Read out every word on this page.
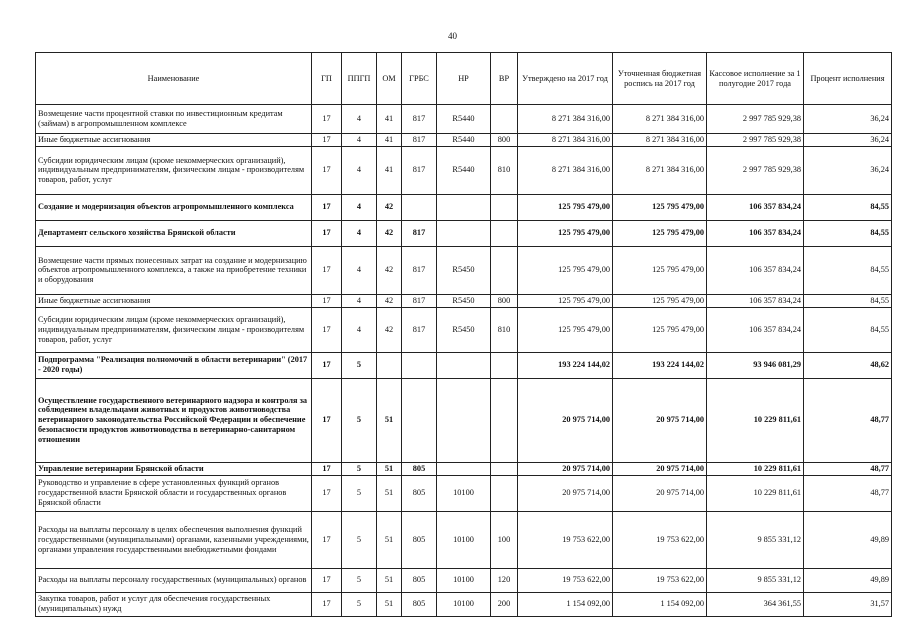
40
Наименование	ГП	ППГП	ОМ	ГРБС	НР	ВР	Утверждено на 2017 год	Уточненная бюджетная роспись на 2017 год	Кассовое исполнение за 1 полугодие 2017 года	Процент исполнения
Возмещение части процентной ставки по инвестиционным кредитам (займам) в агропромышленном комплексе	17	4	41	817	R5440		8 271 384 316,00	8 271 384 316,00	2 997 785 929,38	36,24
Иные бюджетные ассигнования	17	4	41	817	R5440	800	8 271 384 316,00	8 271 384 316,00	2 997 785 929,38	36,24
Субсидии юридическим лицам (кроме некоммерческих организаций), индивидуальным предпринимателям, физическим лицам - производителям товаров, работ, услуг	17	4	41	817	R5440	810	8 271 384 316,00	8 271 384 316,00	2 997 785 929,38	36,24
Создание и модернизация объектов агропромышленного комплекса	17	4	42				125 795 479,00	125 795 479,00	106 357 834,24	84,55
Департамент сельского хозяйства Брянской области	17	4	42	817			125 795 479,00	125 795 479,00	106 357 834,24	84,55
Возмещение части прямых понесенных затрат на создание и модернизацию объектов агропромышленного комплекса, а также на приобретение техники и оборудования	17	4	42	817	R5450		125 795 479,00	125 795 479,00	106 357 834,24	84,55
Иные бюджетные ассигнования	17	4	42	817	R5450	800	125 795 479,00	125 795 479,00	106 357 834,24	84,55
Субсидии юридическим лицам (кроме некоммерческих организаций), индивидуальным предпринимателям, физическим лицам - производителям товаров, работ, услуг	17	4	42	817	R5450	810	125 795 479,00	125 795 479,00	106 357 834,24	84,55
Подпрограмма "Реализация полномочий в области ветеринарии" (2017 - 2020 годы)	17	5					193 224 144,02	193 224 144,02	93 946 081,29	48,62
Осуществление государственного ветеринарного надзора и контроля за соблюдением владельцами животных и продуктов животноводства ветеринарного законодательства Российской Федерации и обеспечение безопасности продуктов животноводства в ветеринарно-санитарном отношении	17	5	51				20 975 714,00	20 975 714,00	10 229 811,61	48,77
Управление ветеринарии Брянской области	17	5	51	805			20 975 714,00	20 975 714,00	10 229 811,61	48,77
Руководство и управление в сфере установленных функций органов государственной власти Брянской области и государственных органов Брянской области	17	5	51	805	10100		20 975 714,00	20 975 714,00	10 229 811,61	48,77
Расходы на выплаты персоналу в целях обеспечения выполнения функций государственными (муниципальными) органами, казенными учреждениями, органами управления государственными внебюджетными фондами	17	5	51	805	10100	100	19 753 622,00	19 753 622,00	9 855 331,12	49,89
Расходы на выплаты персоналу государственных (муниципальных) органов	17	5	51	805	10100	120	19 753 622,00	19 753 622,00	9 855 331,12	49,89
Закупка товаров, работ и услуг для обеспечения государственных (муниципальных) нужд	17	5	51	805	10100	200	1 154 092,00	1 154 092,00	364 361,55	31,57
